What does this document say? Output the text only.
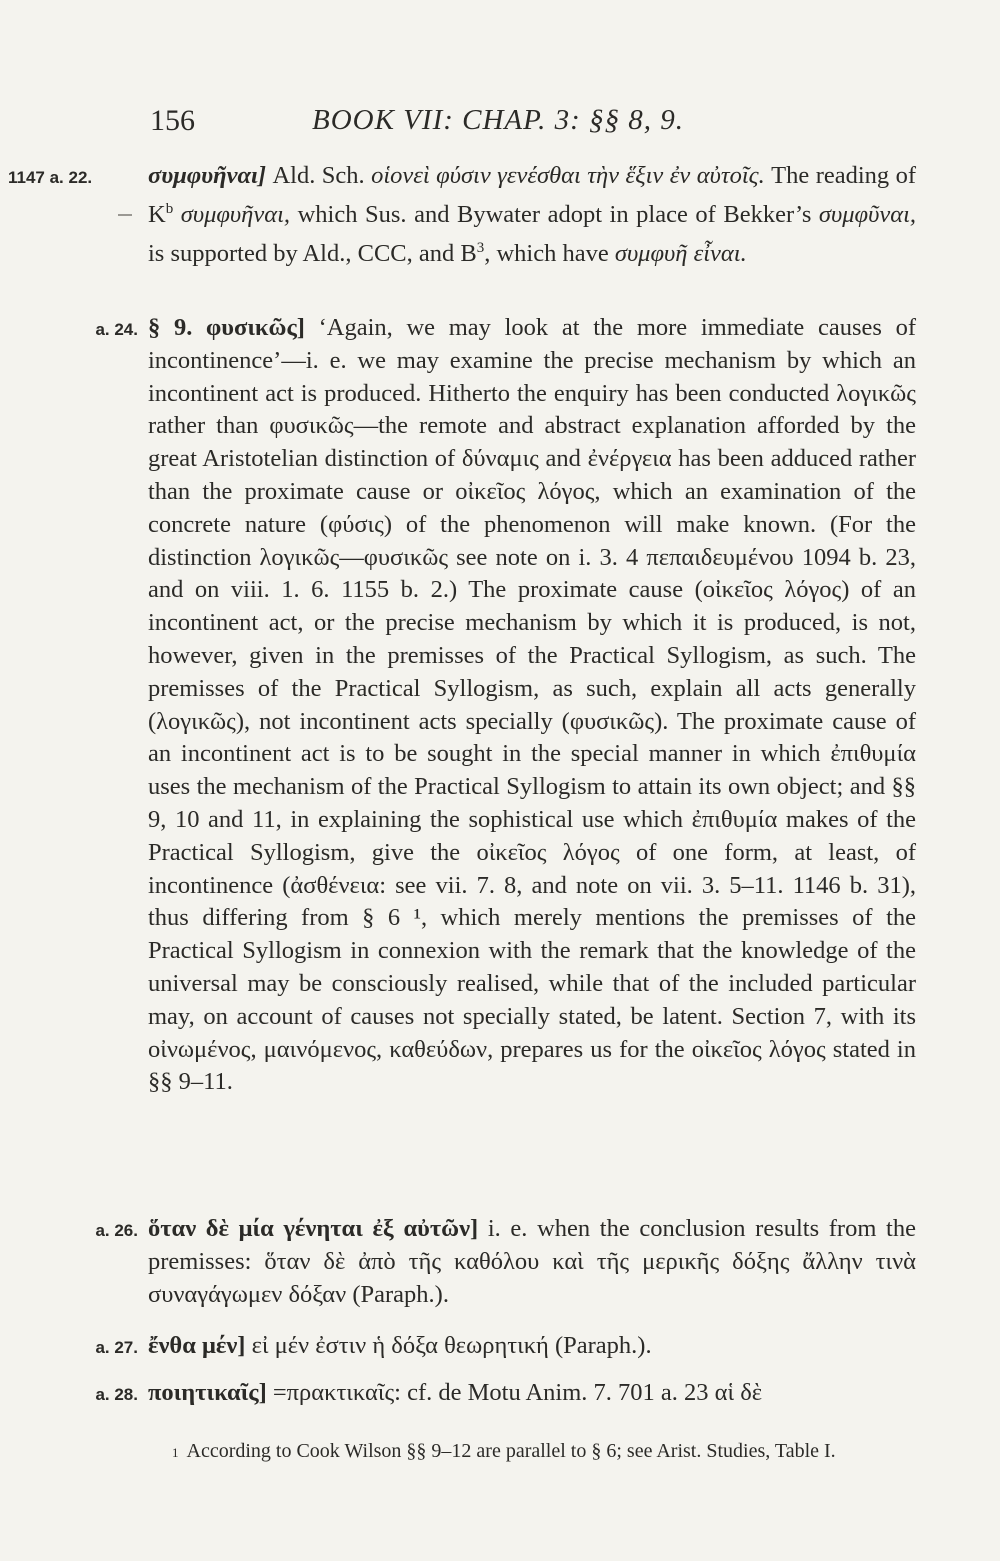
156	BOOK VII: CHAP. 3: §§ 8, 9.
1147 a. 22.	συμφυῆναι] Ald. Sch. οἱονεὶ φύσιν γενέσθαι τὴν ἕξιν ἐν αὐτοῖς. The reading of $K^b$ συμφυῆναι, which Sus. and Bywater adopt in place of Bekker’s συμφῦναι, is supported by Ald., CCC, and $B^3$, which have συμφυῆ εἶναι.
a. 24. § 9. φυσικῶς] ‘Again, we may look at the more immediate causes of incontinence’—i. e. we may examine the precise mechanism by which an incontinent act is produced. Hitherto the enquiry has been conducted λογικῶς rather than φυσικῶς—the remote and abstract explanation afforded by the great Aristotelian distinction of δύναμις and ἐνέργεια has been adduced rather than the proximate cause or οἰκεῖος λόγος, which an examination of the concrete nature (φύσις) of the phenomenon will make known. (For the distinction λογικῶς—φυσικῶς see note on i. 3. 4 πεπαιδευμένου 1094 b. 23, and on viii. 1. 6. 1155 b. 2.) The proximate cause (οἰκεῖος λόγος) of an incontinent act, or the precise mechanism by which it is produced, is not, however, given in the premisses of the Practical Syllogism, as such. The premisses of the Practical Syllogism, as such, explain all acts generally (λογικῶς), not incontinent acts specially (φυσικῶς). The proximate cause of an incontinent act is to be sought in the special manner in which ἐπιθυμία uses the mechanism of the Practical Syllogism to attain its own object; and §§ 9, 10 and 11, in explaining the sophistical use which ἐπιθυμία makes of the Practical Syllogism, give the οἰκεῖος λόγος of one form, at least, of incontinence (ἀσθένεια: see vii. 7. 8, and note on vii. 3. 5–11. 1146 b. 31), thus differing from § 6 ¹, which merely mentions the premisses of the Practical Syllogism in connexion with the remark that the knowledge of the universal may be consciously realised, while that of the included particular may, on account of causes not specially stated, be latent. Section 7, with its οἰνωμένος, μαινόμενος, καθεύδων, prepares us for the οἰκεῖος λόγος stated in §§ 9–11.
a. 26. ὅταν δὲ μία γένηται ἐξ αὐτῶν] i. e. when the conclusion results from the premisses: ὅταν δὲ ἀπὸ τῆς καθόλου καὶ τῆς μερικῆς δόξης ἄλλην τινὰ συναγάγωμεν δόξαν (Paraph.).
a. 27. ἔνθα μέν] εἰ μέν ἐστιν ἡ δόξα θεωρητική (Paraph.).
a. 28. ποιητικαῖς] =πρακτικαῖς: cf. de Motu Anim. 7. 701 a. 23 αἱ δὲ
$^1$ According to Cook Wilson §§ 9–12 are parallel to § 6; see Arist. Studies, Table I.
